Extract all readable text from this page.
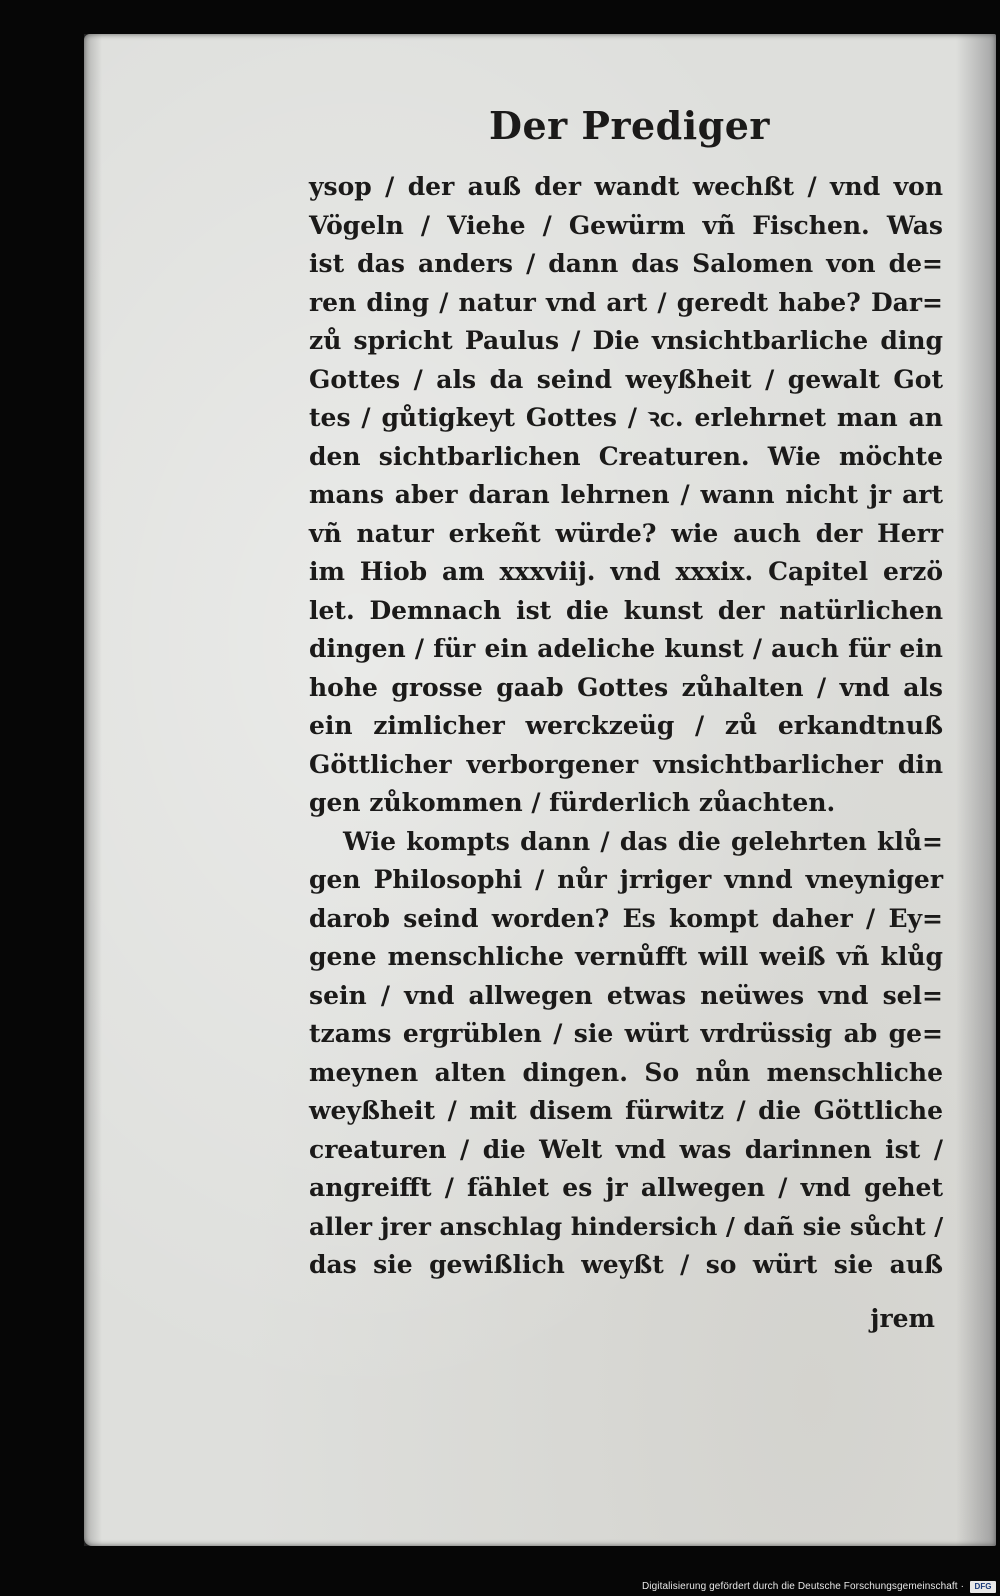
Der Prediger
ysop / der auß der wandt wechßt / vnd von
Vögeln / Viehe / Gewürm vñ Fischen. Was
ist das anders / dann das Salomen von de=
ren ding / natur vnd art / geredt habe? Dar=
zů spricht Paulus / Die vnsichtbarliche ding
Gottes / als da seind weyßheit / gewalt Got
tes / gůtigkeyt Gottes / ꝛc. erlehrnet man an
den sichtbarlichen Creaturen. Wie möchte
mans aber daran lehrnen / wann nicht jr art
vñ natur erkeñt würde? wie auch der Herr
im Hiob am xxxviij. vnd xxxix. Capitel erzö
let. Demnach ist die kunst der natürlichen
dingen / für ein adeliche kunst / auch für ein
hohe grosse gaab Gottes zůhalten / vnd als
ein zimlicher werckzeüg / zů erkandtnuß
Göttlicher verborgener vnsichtbarlicher din
gen zůkommen / fürderlich zůachten.
Wie kompts dann / das die gelehrten klů=
gen Philosophi / nůr jrriger vnnd vneyniger
darob seind worden? Es kompt daher / Ey=
gene menschliche vernůfft will weiß vñ klůg
sein / vnd allwegen etwas neüwes vnd sel=
tzams ergrüblen / sie würt vrdrüssig ab ge=
meynen alten dingen. So nůn menschliche
weyßheit / mit disem fürwitz / die Göttliche
creaturen / die Welt vnd was darinnen ist /
angreifft / fählet es jr allwegen / vnd gehet
aller jrer anschlag hindersich / dañ sie sůcht /
das sie gewißlich weyßt / so würt sie auß
jrem
Digitalisierung gefördert durch die Deutsche Forschungsgemeinschaft ·	DFG
